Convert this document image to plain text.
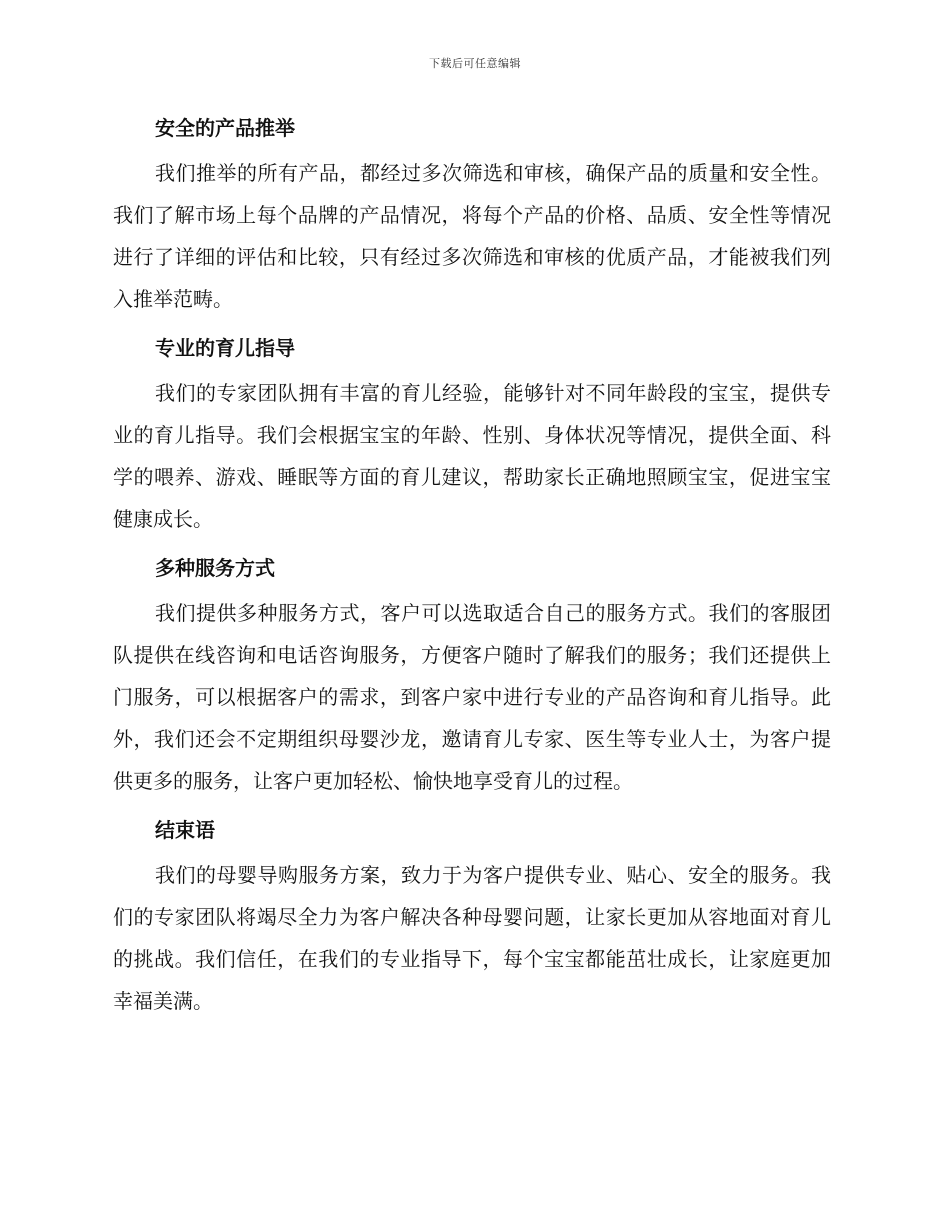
下载后可任意编辑
安全的产品推举

我们推举的所有产品，都经过多次筛选和审核，确保产品的质量和安全性。我们了解市场上每个品牌的产品情况，将每个产品的价格、品质、安全性等情况进行了详细的评估和比较，只有经过多次筛选和审核的优质产品，才能被我们列入推举范畴。

专业的育儿指导

我们的专家团队拥有丰富的育儿经验，能够针对不同年龄段的宝宝，提供专业的育儿指导。我们会根据宝宝的年龄、性别、身体状况等情况，提供全面、科学的喂养、游戏、睡眠等方面的育儿建议，帮助家长正确地照顾宝宝，促进宝宝健康成长。

多种服务方式

我们提供多种服务方式，客户可以选取适合自己的服务方式。我们的客服团队提供在线咨询和电话咨询服务，方便客户随时了解我们的服务；我们还提供上门服务，可以根据客户的需求，到客户家中进行专业的产品咨询和育儿指导。此外，我们还会不定期组织母婴沙龙，邀请育儿专家、医生等专业人士，为客户提供更多的服务，让客户更加轻松、愉快地享受育儿的过程。

结束语

我们的母婴导购服务方案，致力于为客户提供专业、贴心、安全的服务。我们的专家团队将竭尽全力为客户解决各种母婴问题，让家长更加从容地面对育儿的挑战。我们信任，在我们的专业指导下，每个宝宝都能茁壮成长，让家庭更加幸福美满。
